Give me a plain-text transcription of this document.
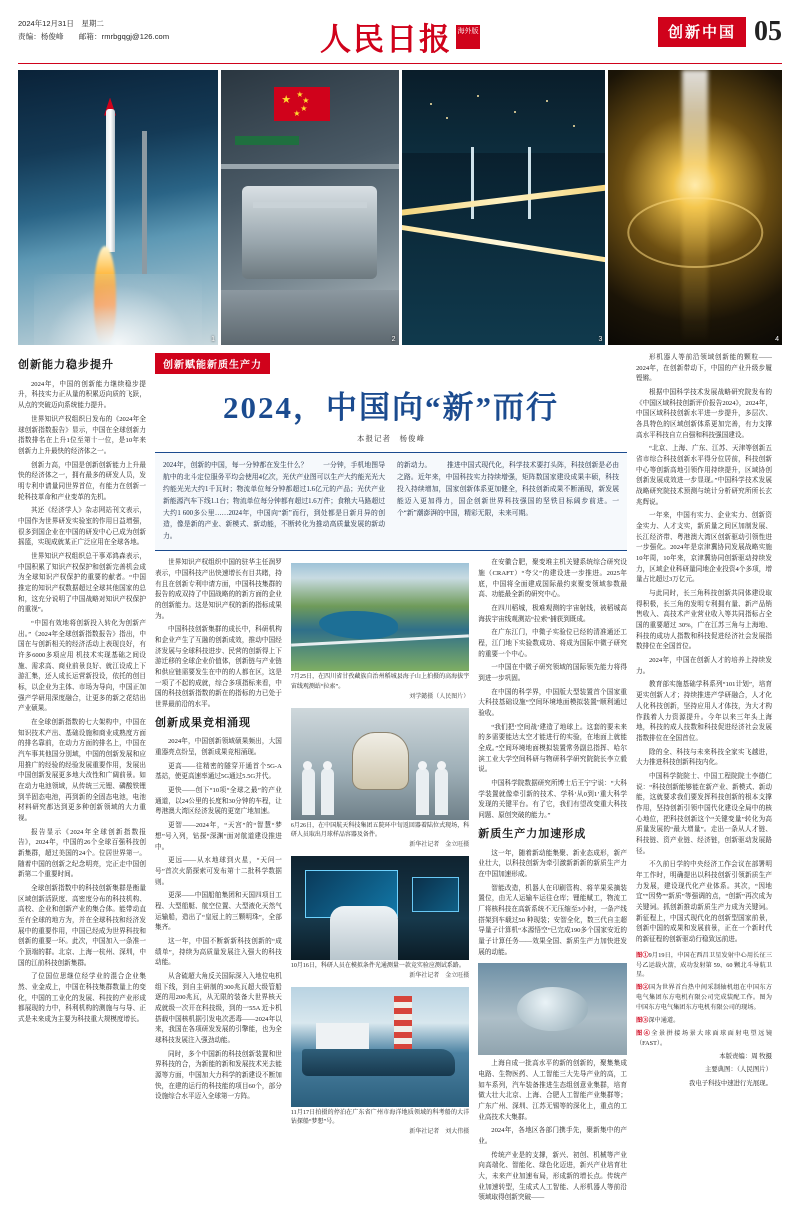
2024年12月31日　星期二
责编：杨俊峰　　邮箱：rmrbgqgj@126.com	人民日报 海外版	创新中国 05
1
★ ★
★
★
★
2	3	4
创新能力稳步提升

2024年，中国的创新能力继续稳步提升，科技实力正从量的积累迈向质的飞跃，从点的突破迈向系统能力提升。

世界知识产权组织日发布的《2024年全球创新指数报告》显示，中国在全球创新力指数排名在上升1位至第十一位，是10年来创新力上升最快的经济体之一。

创新力高，中国是创新创新能力上升最快的经济体之一，拥有最多的研发人员，发明专利申请量同世界首位，有能力在创新一轮科技革命和产业变革的先机。

其还《经济学人》杂志网站刊文表示，中国作为世界研发实验室的作用日益增强，很多到国企业在中国的研发中心已成为创新摇篮，实现成就某正广泛应用在全球各地。

世界知识产权组织总干事邓鸿森表示，中国积累了知识产权保护和创新完善机会成为全球知识产权保护的重要的献者。“中国推定的知识产权数据超过全球其他国家的总和，这充分说明了中国战略对知识产权保护的重视”。

“中国有效地将创新投入转化为创新产出。”《2024年全球创新指数报告》指出，中国在与创新相关的经济活动上表现良好，有许多6000多项应用 机技术实现基础之间设施、需求高、商业前景良好、就江设成上下游汇集，还人成长运营新投设，依托的创目标，以企业为主体、市场为导向，中国正加强产学研用深度融合，让更多的新之花结出产业硕果。

在全球创新指数的七大架构中，中国在知识技术产出、基础设施和商业成熟度方面的排名靠前，在动力方面的排名上，中国在汽车事其他国分别域，中国的创新发展和应用推广的经验的经验发展重要作用，发展出中国创新发展更多地大改性和广阔前景。如在动力电池领域，从传统三元锂、磷酸铁锂到半固态电池，再到新的全固态电池，电池材料研究都达到更多种创新领域的大力重视。

报告显示《2024年全球创新指数报告》，2024年，中国的26个全球百强科技创新集群，超过美国的24个。位居世界第一。随着中国的创新之纪念明亮，完正走中国创新第二个重要时间。

全球创新指数中的科技创新集群是衡量区域创新活跃度、高密度分布的科技机构、高校、企业和创新产业的集合体。能带动直至有全球的地方为，并在全球科技和经济发展中的重要作用，中国已经成为世界科技和创新的重要一环。此次，中国加入一条准一个顶端的群。北京、上海一杭州、深圳，中国的江前科技创新集群。

了位国位思继位经学业的混合企业集然、业金成上，中国在科技集群数量上的变化，中国的工业化的发展、科技的产业形成都展现的力中，科利机构的测施与与导、正式是未来成为主要为科技重大规模度增长。

创新赋能新质生产力
2024，中国向“新”而行
本报记者　杨俊峰
2024年，创新的中国，每一分钟都在发生什么？ 　　一分钟，手机地图导航中的北斗定位服务平均会使用4亿次，光伏产业图可以生产大约能光光大约能光光大约1千瓦时；物流单位每分钟都超过1.6亿元的产品；光伏产业新能源汽车下线1.1台；物流单位每分钟都有超过1.6万件；食粮大马路超过大约1 600多公里……2024年，中国向“新”而行，到处都是日新月异的创造，像是新的产业、新模式、新动能，不断转化为推动高质量发展的新动力。
的新动力。 　　推进中国式现代化，科学技术要打头阵，科技创新是必由之路。近年来，中国科技实力持续增强，矩阵数国家建设成果丰硕，科技投入持续增加，国家创新体系更加健全，科技创新成果不断涌现，新发展能迈入更加得力，国企创新世界科技强国的坚铁目标阔步前进。一个“新”潮澎湃的中国，精彩无限，未来可期。

世界知识产权组织中国的驻华主任润罗表示，中国科技产出快速增长有目共睹，持有且在创新专利申请方面，中国科技集群的报告的成双持了中国战略的的新方面的企业的创新能力。这是知识产权的新的指标成果为。

中国科技创新集群的成长中，科研机构和企业产生了互融的创新成效，推动中国经济发展与全球科技进步、民营的创新得上下游迁移的全球企业价值体，创新链与产业链和供应链需要发生在中的的人都在区，这是一项了不起的成就，综合多项指标来看，中国的科技创新指数的新在的指标的力已处于世界最前沿的水平。

创新成果竞相涌现

2024年，中国创新领域硕果频出，大国重器亮点纷呈，创新成果竞相涌现。

更高——往精密的隧穿开通首个5G-A基站，使更高速率通过5G通过5.5G并代。

更快——创下“10项“全球之最”的产业通道，以24公里的长度和30分钟的车程，让粤港澳大湾区经济发展的更宽广地加速。

更智——2024年，“天宫”的“智慧“梦想”号入列，钻探“深渊”面对航道建设推进中。

更远——从水地球到火星，“天问一号”首次火箭探索可发布第十二批科学数据则。

更深——中国船舶集团和天国四项目工程、大型船艇、航空位置、大型液化天然气运输船，造出了“皇冠上的三颗明珠”，全部集齐。

这一年，中国不断新新科技创新的“成绩单”，持续为高质量发展注入强大的科技动能。

从含硫超大角反关国际深入入地位电机组下线，到自主研制的300兆瓦超大级管船逐的用200兆瓦，从无限的装备大世界核天成就级一次开在科技级，到的一55A 近卡机搭载中国核机据引发电次恶毒——2024年以来，我国在各项研发发展的引擎能，也为全球科技发展注入强劲动能。

同时，多个中国新的科技创新装置和世界科技的合，为新能的新和发展技术光去能源等方面，中国加大力科学的新建设不断加快，在建的运行的科技能的项目60个，部分设施综合水平迈入全球第一方阵。

7月25日，在四川省甘孜藏族自治州稻城县海子山上拍摄的高海拔宇宙线观测站“拉索”。
刘学懿摄（人民图片）
6月26日，在中国航天科技集团五院环中旬返回器着陆位式现场，科研人员取出月球样品容器及备件。
新华社记者　金立旺摄
10月16日，科研人员在模拟条件光通测量一款竞实验应测试系路。
新华社记者　金立旺摄
11月17日拍摄的停泊在广东省广州市海洋地质领域的科考船的大洋钻探船“梦想”号。
新华社记者　刘大伟摄

在安徽合肥，聚变堆主机关键系统综合研究设施（CRAFT）“夸父”的建设进一步推进。2025年底，中国将全面建成国际最约束聚变领域参数最高、功能最全新的研究中心。

在四川稻城，极难观测的宇宙射线，被稻城高海拔宇宙线观测站“拉索”捕获到既成。

在广东江门，中微子实验位已经的清准通还工程，江门地下实验数成功、将成为国际中微子研究的重要一个中心。

一中国在中微子研究领域的国际领先能力将得到进一步巩固。

在中国的科学界，中国版大型装置首个国家重大科技基础设施“空间环境地面模拟装置”顺利通过验收。

“我们把‘空间战’建造了地球上。这套的要未来的多需要能达太空才能进行的实验，在地面上就能全成。”空间环境地面模拟装置常务副总指挥、哈尔滨工业大学空间科研与物研科学研究院院长李立毅说。

中国科学院数据研究所博士后王宁宁说：“大科学装置就像牵引新的技术、学科‘从0到1’重大科学发现的关键平台。有了它，我们有望改变重大科技问题、原创突破的能力。”

新质生产力加速形成

这一年，随着新动能集聚、新业态成形，新产业壮大，以科技创新为牵引激新新新的新质生产力在中国加速形成。

智能改造，机器人在印刷管构、将苹果采摘装置位，由无人运输车运往仓库；锂能赋工，物流工厂将核科技在高新系统不无压缩至3小时，一条产线搭架到车载过50 种现装；安智全化，数三代自主超导量子计算机“本源悟空”已完成190多个国家安近的量子计算任务——效果全国、新质生产力加快进发展的动能。

上海自成一批高水平的新的创新的，聚集集成电路、生物医药、人工智能三大先导产业的高，工如车系列，汽车装备推进生态组创意业集群，培育做大壮大北京、上海、合肥人工智能产业集群等；广东广州、深圳、江苏无锡等的深化上，重点的工业高技术大集群。

2024年，各地区各部门携手先，聚新集中的产业。

传统产业是的支撑，新兴、初创、机械等产业向高端化、智能化、绿色化迈进，新兴产业培育壮大，未来产业加速布局，形成新的增长点。传统产业加速转型，生成式人工智能、人形机器人等前沿领域取得创新突破——

形机器人等前沿领域创新能的颗粒——2024年，在创新带动下，中国的产业升级步履铿锵。

根据中国科学技术发展战略研究院发布的《中国区域科技创新评价报告2024》，2024年，中国区域科技创新水平进一步提升，多层次、各具特色的区域创新体系更加完善，有力支撑高水平科技自立自强和科技强国建设。

“北京、上海、广东、江苏、天津等创新五省市综合科技创新水平得分位居前，科技创新中心等创新高地引领作用持续提升，区域协创创新发展成效进一步显现。”中国科学技术发展战略研究院技术预测与统计分析研究所所长玄兆辉说。

一年来，中国有实力、企业实力、创新资金实力、人才支实，新质量之间区加制发展、长江经济带、粤港澳大湾区创新驱动引领性进一步强化。2024年是京津冀协同发展战略实施10年周，10年来，京津冀协同创新驱动持续发力，区域企业科研量同地企业投资4个多项，增量占比超过3万亿元。

与此同时，长三角科技创新共同体建设取得积极，长三角的发明专利拥有量、新产品销售收入、高技术产业营业收入等共同指标占全国的重要超过 30%，广在江苏三角与上海地、科技的成功人指数和科技促进经济社会发展指数排位在全国首位。

2024年，中国在创新人才的培养上持续发力。

教育部实施基础学科系列“101计划”，培育更实创新人才；持续推进产学研融合，人才化人化科技创新，坚持应用人才体技，为大才构作践着人力资源提升。今年以来三年头上海地，科技的成人技数和科技促进经济社会发展指数排位在全国首位。

除的全、科技与未来科技全家实飞越进，大力推进科技创新科技内化。

中国科学院院士、中国工程院院士李德仁说：“科技创新能够能在新产业、新模式、新动能，这就要求我们要发挥科技创新的根本支撑作用，坚持创新引领中国代化建设全局中的核心地位，把科技创新这个“关键变量”转化为高质量发展的“最大增量”。走出一条从人才链、科技链、资产业链、经济链，创新驱动发展路径。

不久前日学的中央经济工作会议在部署明年工作时，明确提出以科技创新引领新质生产力发展，建设现代化产业体系。其次，“因地宜”“因势”“新质”等强调的点，“创新”再次成为关键词。抓创新推动新质生产力成为关键词。新征程上，中国式现代化的创新型国家前景，创新中国的成果和发展前景，正在一个新时代的新征程的创新驱动行稳致远前进。

图①9月19日，中国在西昌卫星发射中心用长征三号乙运载火箭，成功发射第 59、60 颗北斗导航卫星。

图②国为世界首台热中间采制轴机组在中国东方电气集团东方电机有限公司完成装配工作。图为中国东方电气集团东方电机有限公司的现场。

图③深中通道。

图④全景拼接场景大球面球面射电望远镜（FAST）。

本版责编：周 牧摄
主要典图：（人民图片）
我电子科技中速进行光展现。
